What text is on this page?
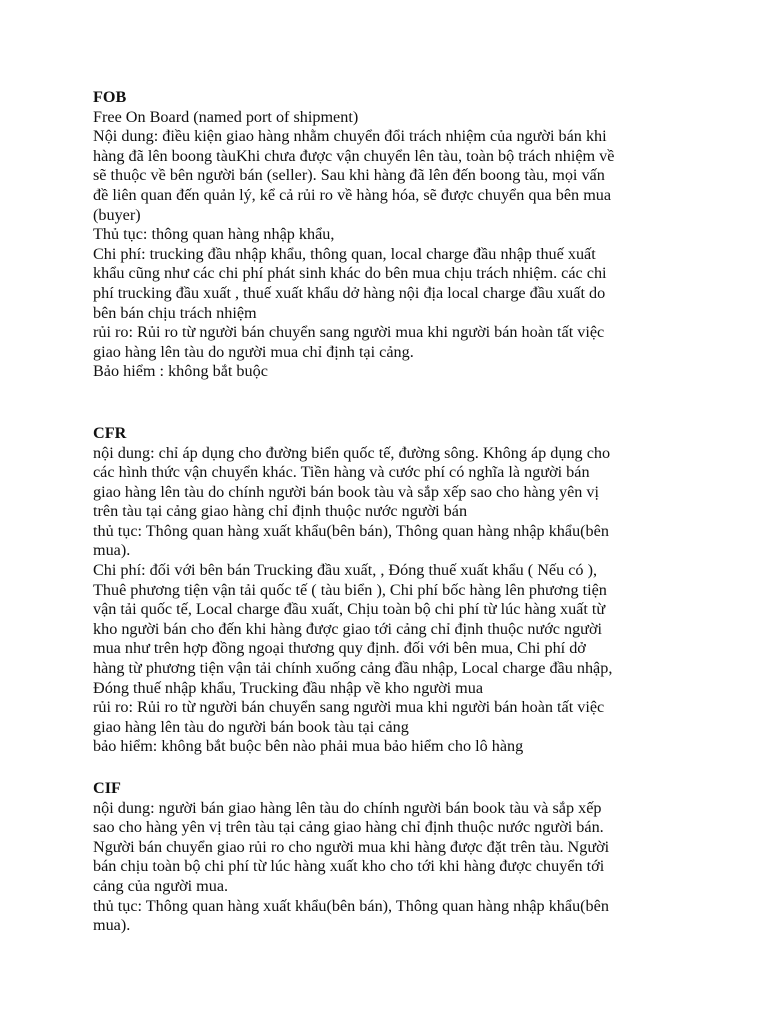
FOB
Free On Board (named port of shipment)
Nội dung: điều kiện giao hàng nhằm chuyển đổi trách nhiệm của người bán khi
hàng đã lên boong tàuKhi chưa được vận chuyển lên tàu, toàn bộ trách nhiệm về
sẽ thuộc về bên người bán (seller). Sau khi hàng đã lên đến boong tàu, mọi vấn
đề liên quan đến quản lý, kể cả rủi ro về hàng hóa, sẽ được chuyển qua bên mua
(buyer)
Thủ tục: thông quan hàng nhập khẩu,
Chi phí: trucking đầu nhập khẩu, thông quan, local charge đầu nhập thuế xuất
khẩu cũng như các chi phí phát sinh khác do bên mua chịu trách nhiệm. các chi
phí trucking đầu xuất , thuế xuất khẩu dở hàng nội địa local charge đầu xuất do
bên bán chịu trách nhiệm
rủi ro: Rủi ro từ người bán chuyển sang người mua khi người bán hoàn tất việc
giao hàng lên tàu do người mua chỉ định tại cảng.
Bảo hiểm : không bắt buộc
CFR
nội dung: chỉ áp dụng cho đường biển quốc tế, đường sông. Không áp dụng cho
các hình thức vận chuyển khác. Tiền hàng và cước phí có nghĩa là người bán
giao hàng lên tàu do chính người bán book tàu và sắp xếp sao cho hàng yên vị
trên tàu tại cảng giao hàng chỉ định thuộc nước người bán
thủ tục: Thông quan hàng xuất khẩu(bên bán), Thông quan hàng nhập khẩu(bên
mua).
Chi phí: đối với bên bán Trucking đầu xuất, , Đóng thuế xuất khẩu ( Nếu có ),
Thuê phương tiện vận tải quốc tế ( tàu biển ), Chi phí bốc hàng lên phương tiện
vận tải quốc tế, Local charge đầu xuất, Chịu toàn bộ chi phí từ lúc hàng xuất từ
kho người bán cho đến khi hàng được giao tới cảng chỉ định thuộc nước người
mua như trên hợp đồng ngoại thương quy định. đối với bên mua, Chi phí dở
hàng từ phương tiện vận tải chính xuống cảng đầu nhập, Local charge đầu nhập,
Đóng thuế nhập khẩu, Trucking đầu nhập về kho người mua
rủi ro: Rủi ro từ người bán chuyển sang người mua khi người bán hoàn tất việc
giao hàng lên tàu do người bán book tàu tại cảng
bảo hiểm: không bắt buộc bên nào phải mua bảo hiểm cho lô hàng
CIF
nội dung: người bán giao hàng lên tàu do chính người bán book tàu và sắp xếp
sao cho hàng yên vị trên tàu tại cảng giao hàng chỉ định thuộc nước người bán.
Người bán chuyển giao rủi ro cho người mua khi hàng được đặt trên tàu. Người
bán chịu toàn bộ chi phí từ lúc hàng xuất kho cho tới khi hàng được chuyển tới
cảng của người mua.
thủ tục: Thông quan hàng xuất khẩu(bên bán), Thông quan hàng nhập khẩu(bên
mua).
